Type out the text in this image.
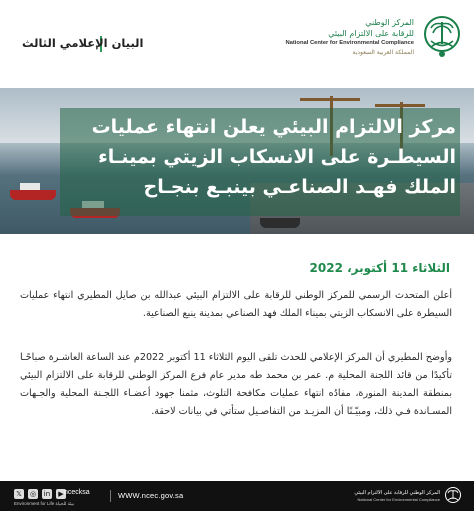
المركز الوطني
للرقابة على الالتزام البيئي
National Center for Environmental Compliance
المملكة العربية السعودية
البيان الإعلامي الثالث
مركز الالتزام البيئي يعلن انتهاء عمليات السيطـرة على الانسكاب الزيتي بمينـاء الملك فهـد الصناعـي بينبـع بنجـاح
الثلاثاء 11 أكتوبر، 2022

أعلن المتحدث الرسمي للمركز الوطني للرقابة على الالتزام البيئي عبدالله بن صايل المطيري انتهاء عمليات السيطرة على الانسكاب الزيتي بميناء الملك فهد الصناعي بمدينة ينبع الصناعية.

وأوضح المطيري أن المركز الإعلامي للحدث تلقى اليوم الثلاثاء 11 أكتوبر 2022م عند الساعة العاشـرة صباحًـا تأكيدًا من قائد اللجنة المحلية م. عمر بن محمد طه مدير عام فرع المركز الوطني للرقابة على الالتزام البيئي بمنطقة المدينة المنورة، مفادُه انتهاء عمليات مكافحة التلوث، مثمنا جهود أعضـاء اللجـنة المحلية والجـهات المسـاندة فـي ذلك، ومبيّـنًا أن المزيـد من التفاصـيل ستأتي في بيانات لاحقة.

𝕏	◎ in	▶ ncecksa
Environment for Life بيئة للحياة
WWW.ncec.gov.sa	المركز الوطني للرقابة على الالتزام البيئي
National Center for Environmental Compliance
